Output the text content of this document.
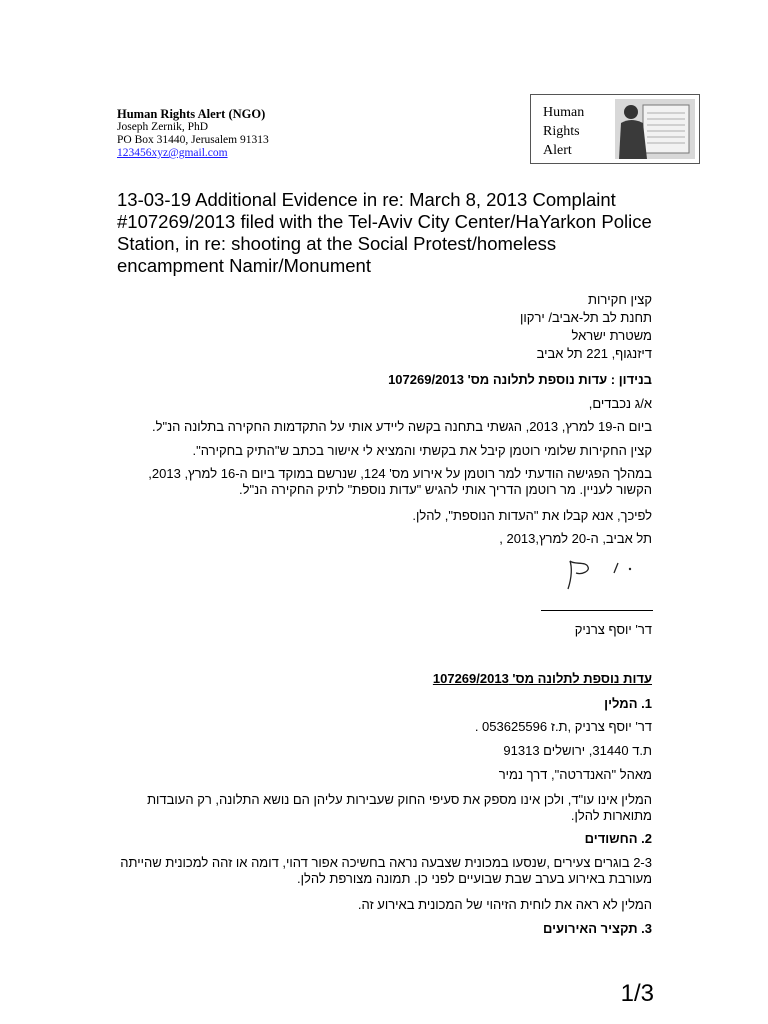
Human Rights Alert (NGO)
Joseph Zernik, PhD
PO Box 31440, Jerusalem 91313
123456xyz@gmail.com
Human
Rights
Alert
13-03-19 Additional Evidence in re: March 8, 2013 Complaint #107269/2013 filed with the Tel-Aviv City Center/HaYarkon Police Station, in re: shooting at the Social Protest/homeless encampment Namir/Monument
קצין חקירות
תחנת לב תל-אביב/ ירקון
משטרת ישראל
דיזנגוף, 221 תל אביב
בנידון : עדות נוספת לתלונה מס' 107269/2013
א/ג נכבדים,
ביום ה-19 למרץ, 2013, הגשתי בתחנה בקשה ליידע אותי על התקדמות החקירה בתלונה הנ"ל.
קצין החקירות שלומי רוטמן קיבל את בקשתי והמציא לי אישור בכתב ש"התיק בחקירה".
במהלך הפגישה הודעתי למר רוטמן על אירוע מס' 124, שנרשם במוקד ביום ה-16 למרץ, 2013, הקשור לעניין. מר רוטמן הדריך אותי להגיש "עדות נוספת" לתיק החקירה הנ"ל.
לפיכך, אנא קבלו את "העדות הנוספת", להלן.
תל אביב, ה-20 למרץ,2013 ,
דר' יוסף צרניק
עדות נוספת לתלונה מס' 107269/2013
1. המלין
דר' יוסף צרניק ,ת.ז 053625596 .
ת.ד 31440, ירושלים 91313
מאהל "האנדרטה", דרך נמיר
המלין אינו עו"ד, ולכן אינו מספק את סעיפי החוק שעבירות עליהן הם נושא התלונה, רק העובדות מתוארות להלן.
2. החשודים
2-3 בוגרים צעירים ,שנסעו במכונית שצבעה נראה בחשיכה אפור דהוי, דומה או זהה למכונית שהייתה מעורבת באירוע בערב שבת שבועיים לפני כן. תמונה מצורפת להלן.
המלין לא ראה את לוחית הזיהוי של המכונית באירוע זה.
3. תקציר האירועים
1/3
